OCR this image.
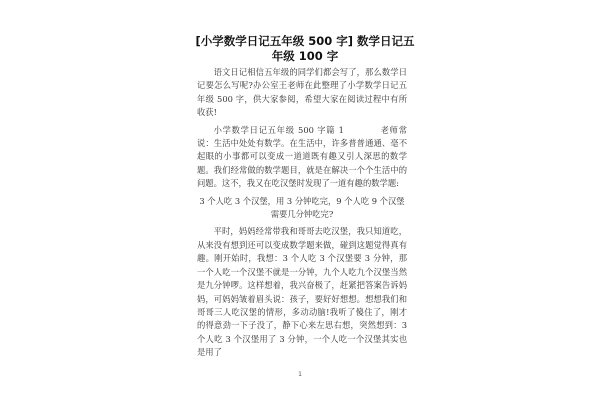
[小学数学日记五年级 500 字] 数学日记五年级 100 字

语文日记相信五年级的同学们都会写了，那么数学日记要怎么写呢?办公室王老师在此整理了小学数学日记五年级 500 字，供大家参阅，希望大家在阅读过程中有所收获!

小学数学日记五年级 500 字篇 1　　　　老师常说：生活中处处有数学。在生活中，许多普普通通、毫不起眼的小事都可以变成一道道既有趣又引人深思的数学题。我们经常做的数学题目，就是在解决一个个生活中的问题。这不，我又在吃汉堡时发现了一道有趣的数学题:

3 个人吃 3 个汉堡，用 3 分钟吃完，9 个人吃 9 个汉堡需要几分钟吃完?

平时，妈妈经常带我和哥哥去吃汉堡，我只知道吃，从来没有想到还可以变成数学题来做，碰到这题觉得真有趣。刚开始时，我想：3 个人吃 3 个汉堡要 3 分钟，那一个人吃一个汉堡不就是一分钟，九个人吃九个汉堡当然是九分钟啰。这样想着，我兴奋极了，赶紧把答案告诉妈妈，可妈妈皱着眉头说：孩子，要好好想想。想想我们和哥哥三人吃汉堡的情形，多动动脑!我听了傻住了，刚才的得意劲一下子没了，静下心来左思右想，突然想到：3 个人吃 3 个汉堡用了 3 分钟，一个人吃一个汉堡其实也是用了

1
